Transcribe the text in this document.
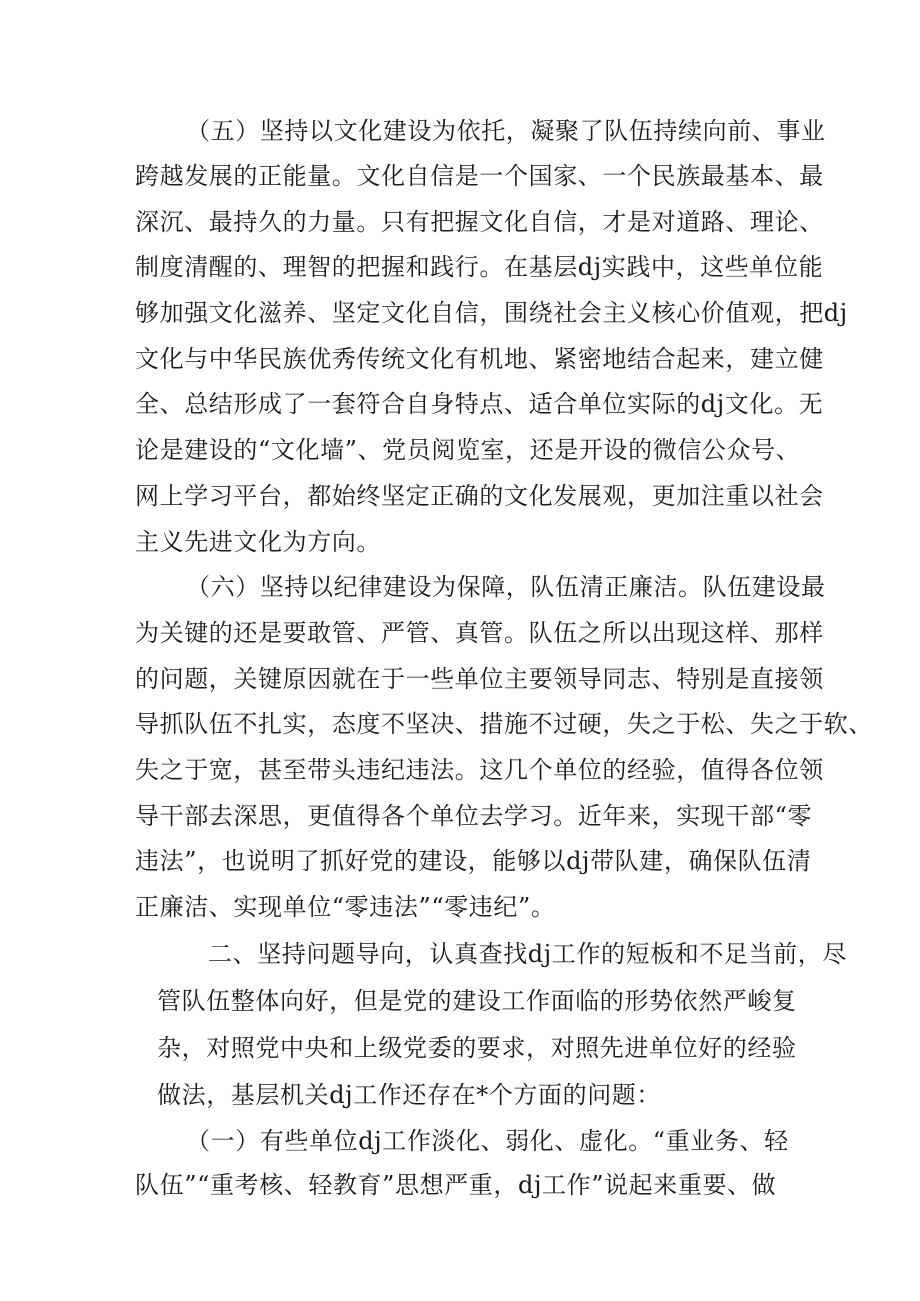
（五）坚持以文化建设为依托，凝聚了队伍持续向前、事业
跨越发展的正能量。文化自信是一个国家、一个民族最基本、最
深沉、最持久的力量。只有把握文化自信，才是对道路、理论、
制度清醒的、理智的把握和践行。在基层dj实践中，这些单位能
够加强文化滋养、坚定文化自信，围绕社会主义核心价值观，把dj
文化与中华民族优秀传统文化有机地、紧密地结合起来，建立健
全、总结形成了一套符合自身特点、适合单位实际的dj文化。无
论是建设的“文化墙”、党员阅览室，还是开设的微信公众号、
网上学习平台，都始终坚定正确的文化发展观，更加注重以社会
主义先进文化为方向。
（六）坚持以纪律建设为保障，队伍清正廉洁。队伍建设最
为关键的还是要敢管、严管、真管。队伍之所以出现这样、那样
的问题，关键原因就在于一些单位主要领导同志、特别是直接领
导抓队伍不扎实，态度不坚决、措施不过硬，失之于松、失之于软、
失之于宽，甚至带头违纪违法。这几个单位的经验，值得各位领
导干部去深思，更值得各个单位去学习。近年来，实现干部“零
违法”，也说明了抓好党的建设，能够以dj带队建，确保队伍清
正廉洁、实现单位“零违法”“零违纪”。
二、坚持问题导向，认真查找dj工作的短板和不足当前，尽
管队伍整体向好，但是党的建设工作面临的形势依然严峻复
杂，对照党中央和上级党委的要求，对照先进单位好的经验
做法，基层机关dj工作还存在*个方面的问题：
（一）有些单位dj工作淡化、弱化、虚化。“重业务、轻
队伍”“重考核、轻教育”思想严重，dj工作”说起来重要、做
